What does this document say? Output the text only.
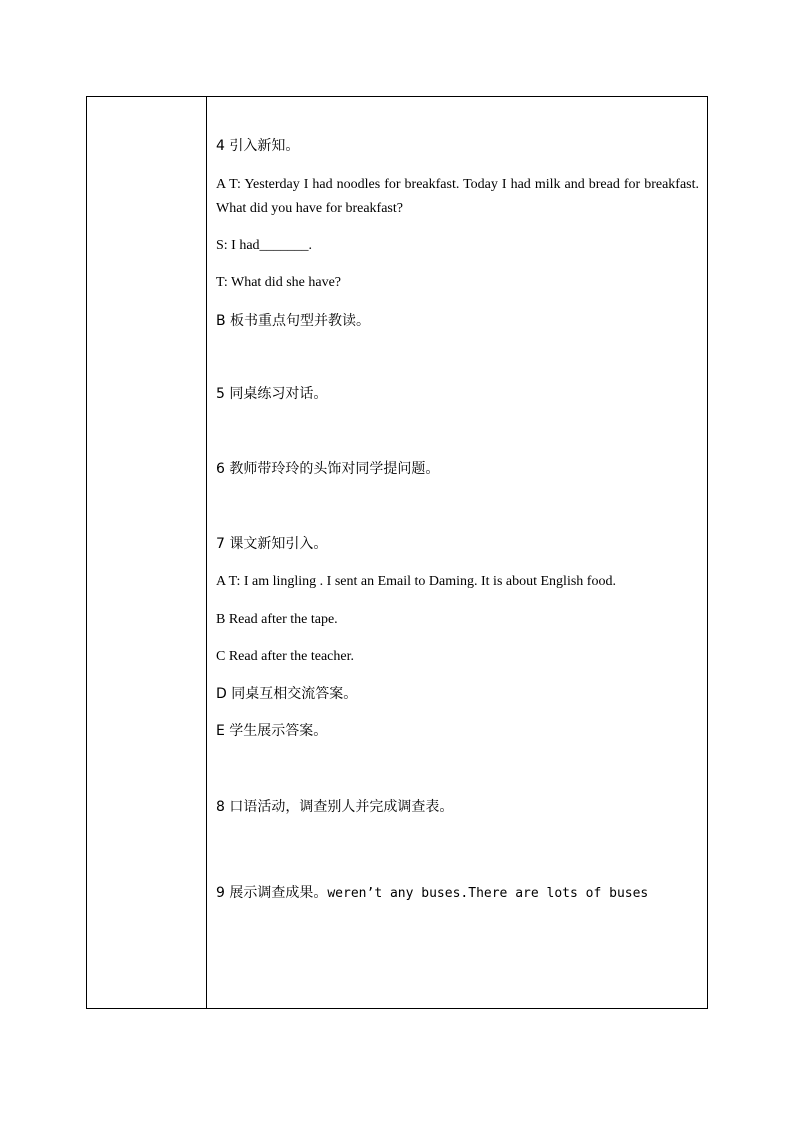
4 引入新知。
A T: Yesterday I had noodles for breakfast. Today I had milk and bread for breakfast. What did you have for breakfast?
S: I had_______.
T: What did she have?
B 板书重点句型并教读。
5 同桌练习对话。
6 教师带玲玲的头饰对同学提问题。
7 课文新知引入。
A T: I am lingling . I sent an Email to Daming. It is about English food.
B Read after the tape.
C Read after the teacher.
D 同桌互相交流答案。
E 学生展示答案。
8 口语活动，调查别人并完成调查表。
9 展示调查成果。weren’t any buses.There are lots of buses
